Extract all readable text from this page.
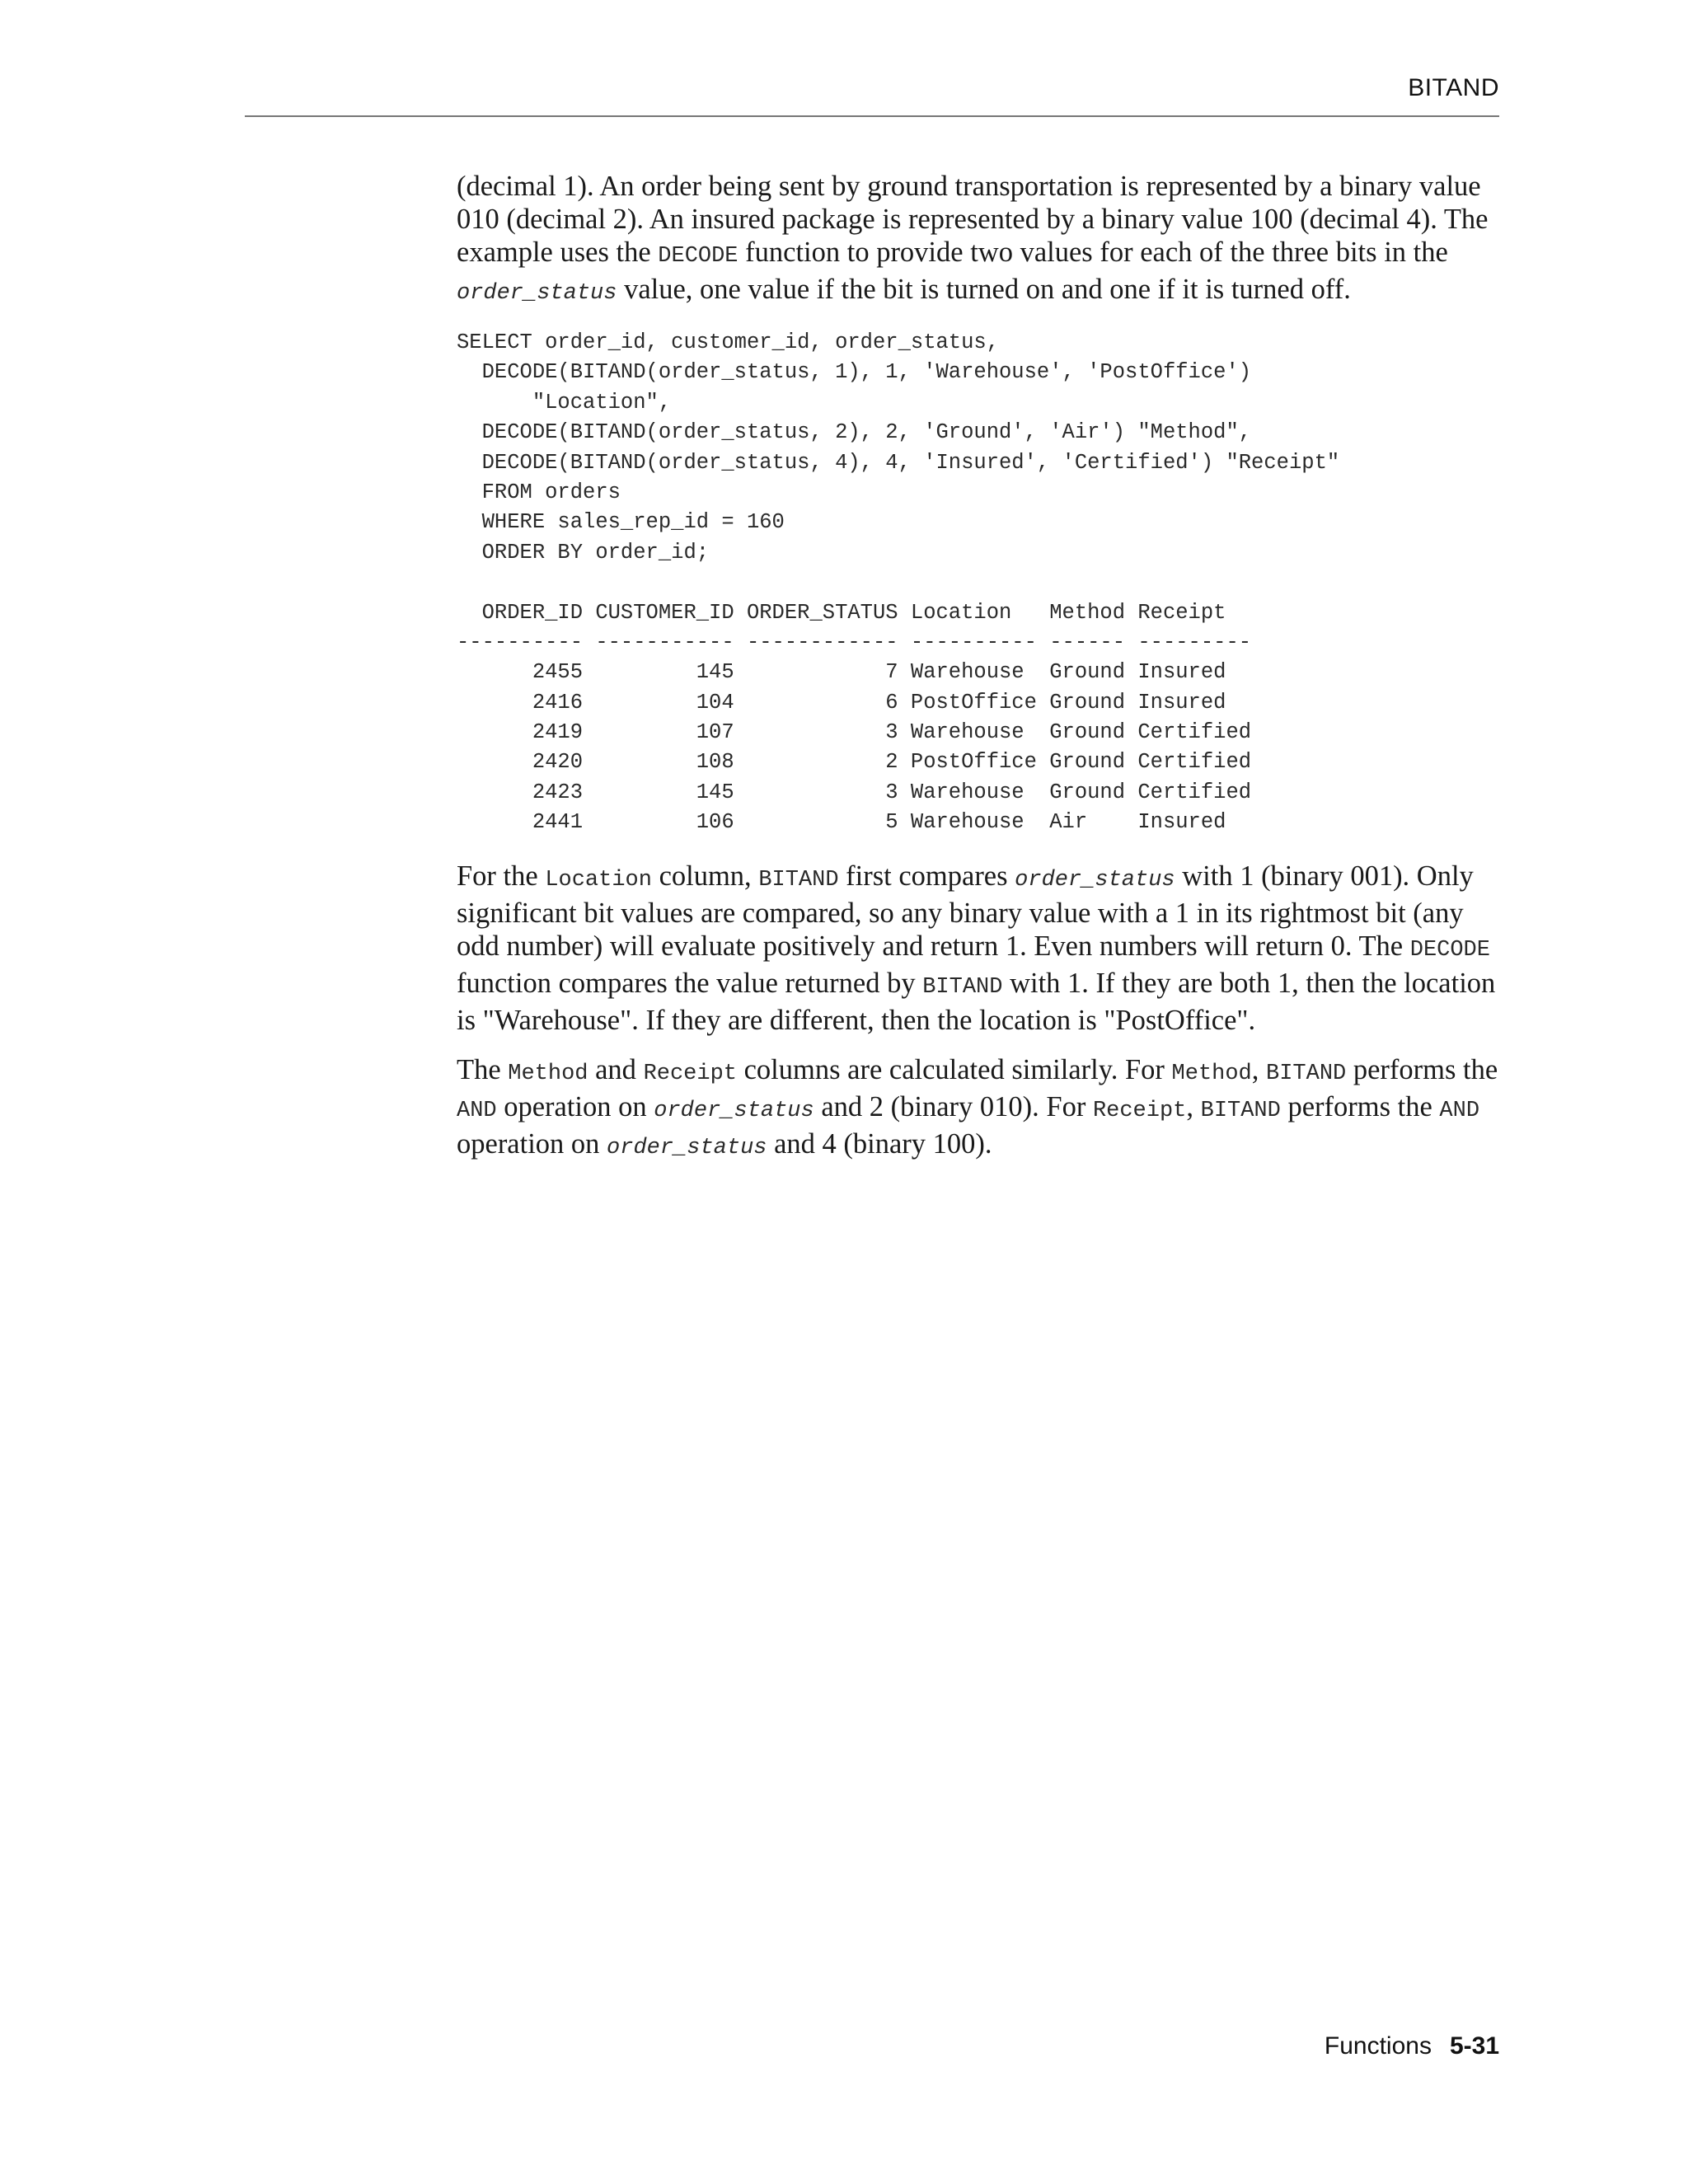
BITAND

(decimal 1). An order being sent by ground transportation is represented by a binary value 010 (decimal 2). An insured package is represented by a binary value 100 (decimal 4). The example uses the DECODE function to provide two values for each of the three bits in the order_status value, one value if the bit is turned on and one if it is turned off.

SELECT order_id, customer_id, order_status,
DECODE(BITAND(order_status, 1), 1, 'Warehouse', 'PostOffice')
"Location",
DECODE(BITAND(order_status, 2), 2, 'Ground', 'Air') "Method",
DECODE(BITAND(order_status, 4), 4, 'Insured', 'Certified') "Receipt"
FROM orders
WHERE sales_rep_id = 160
ORDER BY order_id;
ORDER_ID CUSTOMER_ID ORDER_STATUS Location   Method Receipt
---------- ----------- ------------ ---------- ------ ---------
2455         145            7 Warehouse  Ground Insured
2416         104            6 PostOffice Ground Insured
2419         107            3 Warehouse  Ground Certified
2420         108            2 PostOffice Ground Certified
2423         145            3 Warehouse  Ground Certified
2441         106            5 Warehouse  Air    Insured

For the Location column, BITAND first compares order_status with 1 (binary 001). Only significant bit values are compared, so any binary value with a 1 in its rightmost bit (any odd number) will evaluate positively and return 1. Even numbers will return 0. The DECODE function compares the value returned by BITAND with 1. If they are both 1, then the location is "Warehouse". If they are different, then the location is "PostOffice".

The Method and Receipt columns are calculated similarly. For Method, BITAND performs the AND operation on order_status and 2 (binary 010). For Receipt, BITAND performs the AND operation on order_status and 4 (binary 100).

Functions 5-31
